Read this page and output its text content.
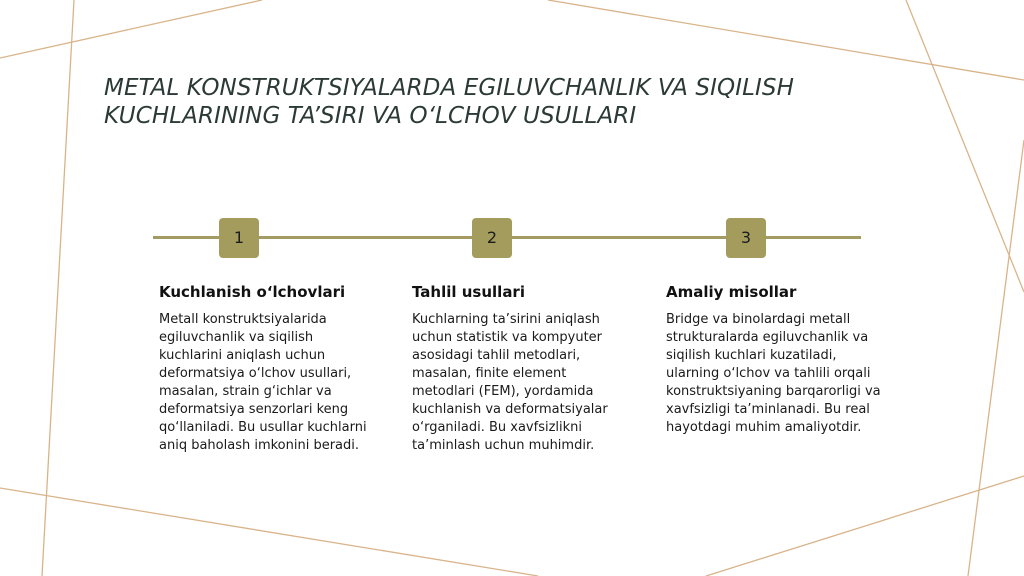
METAL KONSTRUKTSIYALARDA EGILUVCHANLIK VA SIQILISH KUCHLARINING TA’SIRI VA O‘LCHOV USULLARI
1	2	3
Kuchlanish o‘lchovlari

Metall konstruktsiyalarida egiluvchanlik va siqilish kuchlarini aniqlash uchun deformatsiya o‘lchov usullari, masalan, strain g‘ichlar va deformatsiya senzorlari keng qo‘llaniladi. Bu usullar kuchlarni aniq baholash imkonini beradi.

Tahlil usullari

Kuchlarning ta’sirini aniqlash uchun statistik va kompyuter asosidagi tahlil metodlari, masalan, finite element metodlari (FEM), yordamida kuchlanish va deformatsiyalar o‘rganiladi. Bu xavfsizlikni ta’minlash uchun muhimdir.

Amaliy misollar

Bridge va binolardagi metall strukturalarda egiluvchanlik va siqilish kuchlari kuzatiladi, ularning o‘lchov va tahlili orqali konstruktsiyaning barqarorligi va xavfsizligi ta’minlanadi. Bu real hayotdagi muhim amaliyotdir.
